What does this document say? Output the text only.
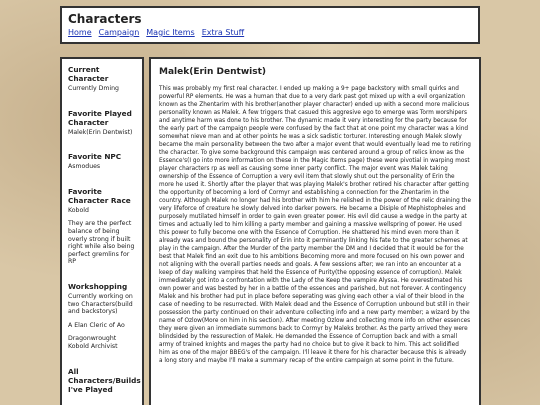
Characters
Home Campaign Magic Items Extra Stuff
Current Character
Currently Dming
Favorite Played Character
Malek(Erin Dentwist)
Favorite NPC
Asmodues
Favorite Character Race
Kobold
They are the perfect balance of being overly strong if built right while also being perfect gremlins for RP
Workshopping
Currently working on two Characters(build and backstorys)
A Elan Cleric of Ao
Dragonwrought Kobold Archivist
All Characters/Builds I've Played
Malek(Erin Dentwist)

This was probably my first real character. I ended up making a 9+ page backstory with small quirks and powerful RP elements. He was a human that due to a very dark past got mixed up with a evil organization known as the Zhentarim with his brother(another player character) ended up with a second more malicious personality known as Malek. A few triggers that casued this aggresive ego to emerge was Torm worshipers and anytime harm was done to his brother. The dynamic made it very interesting for the party because for the early part of the campaign people were confused by the fact that at one point my character was a kind somewhat nieve man and at other points he was a sick sadistic torturer. Interesting enough Malek slowly became the main personality between the two after a major event that would eventually lead me to retiring the character. To give some background this campaign was centered around a group of relics know as the Essence's(I go into more information on these in the Magic Items page) these were pivotial in warping most player characters rp as well as causing some inner party conflict. The major event was Malek taking ownership of the Essence of Corruption a very evil item that slowly shut out the personality of Erin the more he used it. Shortly after the player that was playing Malek's brother retired his character after getting the opportunity of becoming a lord of Cormyr and establishing a connection for the Zhentarim in the country. Although Malek no longer had his brother with him he relished in the power of the relic draining the very lifeforce of creature he slowly delved into darker powers. He became a Disiple of Mephistopheles and purposely mutilated himself in order to gain even greater power. His evil did cause a wedge in the party at times and actually led to him killing a party member and gaining a massive wellspring of power. He used this power to fully become one with the Essence of Corruption. He shattered his mind even more than it already was and bound the personality of Erin into it perminantly linking his fate to the greater schemes at play in the campaign. After the Murder of the party member the DM and I decided that it would be for the best that Malek find an exit due to his ambitions Becoming more and more focused on his own power and not aligning with the overall parties needs and goals. A few sessions after; we ran into an encounter at a keep of day walking vampires that held the Essence of Purity(the opposing essence of corruption). Malek immediately got into a confrontation with the Lady of the Keep the vampire Alyssa. He overestimated his own power and was bested by her in a battle of the essences and parished, but not forever. A contingency Malek and his brother had put in place before seperating was giving each other a vial of their blood in the case of needing to be resurrected. With Malek dead and the Essence of Corruption unbound but still in their possession the party continued on their adventure collecting info and a new party member; a wizard by the name of Ozlow(More on him in his section). After meeting Ozlow and collecting more info on other essences they were given an immediate summons back to Cormyr by Maleks brother. As the party arrived they were blindsided by the ressurection of Malek. He demanded the Essence of Corruption back and with a small army of trained knights and mages the party had no choice but to give it back to him. This act solidified him as one of the major BBEG's of the campaign. I'll leave it there for his character because this is already a long story and maybe I'll make a summary recap of the entire campaign at some point in the future.
